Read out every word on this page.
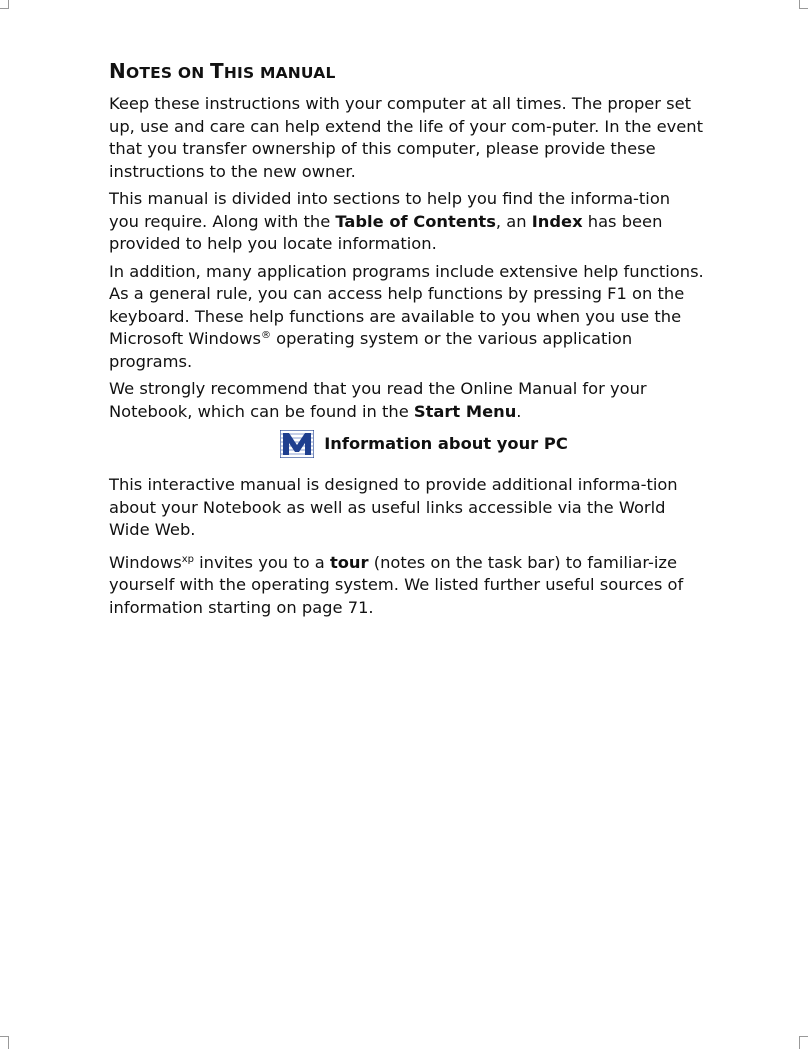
NOTES ON THIS MANUAL

Keep these instructions with your computer at all times. The proper set up, use and care can help extend the life of your com-puter. In the event that you transfer ownership of this computer, please provide these instructions to the new owner.

This manual is divided into sections to help you find the informa-tion you require. Along with the Table of Contents, an Index has been provided to help you locate information.

In addition, many application programs include extensive help functions. As a general rule, you can access help functions by pressing F1 on the keyboard. These help functions are available to you when you use the Microsoft Windows® operating system or the various application programs.

We strongly recommend that you read the Online Manual for your Notebook, which can be found in the Start Menu.

Information about your PC

This interactive manual is designed to provide additional informa-tion about your Notebook as well as useful links accessible via the World Wide Web.

Windows$^{xp}$ invites you to a tour (notes on the task bar) to familiar-ize yourself with the operating system. We listed further useful sources of information starting on page 71.
